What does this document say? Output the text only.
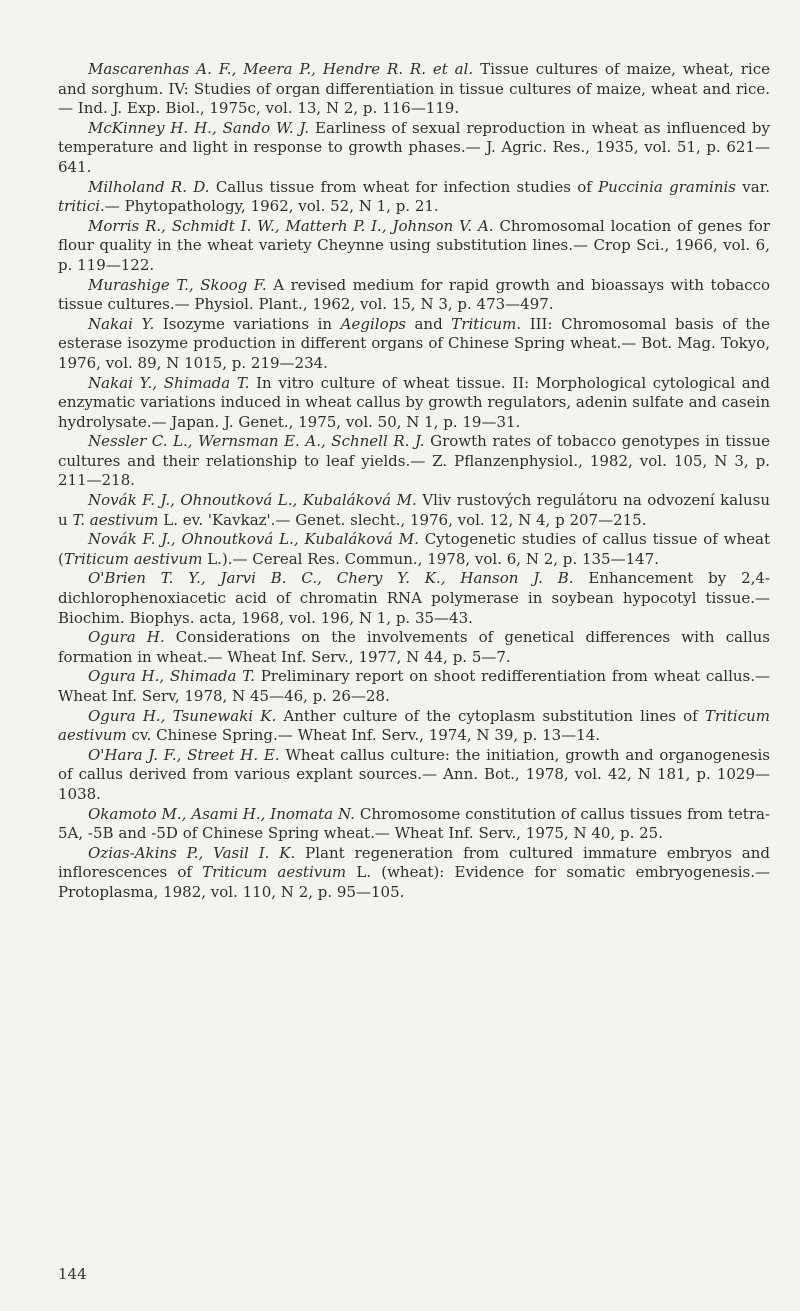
Mascarenhas A. F., Meera P., Hendre R. R. et al. Tissue cultures of maize, wheat, rice and sorghum. IV: Studies of organ differentiation in tissue cultures of maize, wheat and rice.— Ind. J. Exp. Biol., 1975c, vol. 13, N 2, p. 116—119.

McKinney H. H., Sando W. J. Earliness of sexual reproduction in wheat as influenced by temperature and light in response to growth phases.— J. Agric. Res., 1935, vol. 51, p. 621—641.

Milholand R. D. Callus tissue from wheat for infection studies of Puccinia graminis var. tritici.— Phytopathology, 1962, vol. 52, N 1, p. 21.

Morris R., Schmidt I. W., Matterh P. I., Johnson V. A. Chromosomal location of genes for flour quality in the wheat variety Cheynne using substitution lines.— Crop Sci., 1966, vol. 6, p. 119—122.

Murashige T., Skoog F. A revised medium for rapid growth and bioassays with tobacco tissue cultures.— Physiol. Plant., 1962, vol. 15, N 3, p. 473—497.

Nakai Y. Isozyme variations in Aegilops and Triticum. III: Chromosomal basis of the esterase isozyme production in different organs of Chinese Spring wheat.— Bot. Mag. Tokyo, 1976, vol. 89, N 1015, p. 219—234.

Nakai Y., Shimada T. In vitro culture of wheat tissue. II: Morphological cytological and enzymatic variations induced in wheat callus by growth regulators, adenin sulfate and casein hydrolysate.— Japan. J. Genet., 1975, vol. 50, N 1, p. 19—31.

Nessler C. L., Wernsman E. A., Schnell R. J. Growth rates of tobacco genotypes in tissue cultures and their relationship to leaf yields.— Z. Pflanzenphysiol., 1982, vol. 105, N 3, p. 211—218.

Novák F. J., Ohnoutková L., Kubaláková M. Vliv rustových regulátoru na odvození kalusu u T. aestivum L. ev. 'Kavkaz'.— Genet. slecht., 1976, vol. 12, N 4, p 207—215.

Novák F. J., Ohnoutková L., Kubaláková M. Cytogenetic studies of callus tissue of wheat (Triticum aestivum L.).— Cereal Res. Commun., 1978, vol. 6, N 2, p. 135—147.

O'Brien T. Y., Jarvi B. C., Chery Y. K., Hanson J. B. Enhancement by 2,4-dichlorophenoxiacetic acid of chromatin RNA polymerase in soybean hypocotyl tissue.— Biochim. Biophys. acta, 1968, vol. 196, N 1, p. 35—43.

Ogura H. Considerations on the involvements of genetical differences with callus formation in wheat.— Wheat Inf. Serv., 1977, N 44, p. 5—7.

Ogura H., Shimada T. Preliminary report on shoot redifferentiation from wheat callus.— Wheat Inf. Serv, 1978, N 45—46, p. 26—28.

Ogura H., Tsunewaki K. Anther culture of the cytoplasm substitution lines of Triticum aestivum cv. Chinese Spring.— Wheat Inf. Serv., 1974, N 39, p. 13—14.

O'Hara J. F., Street H. E. Wheat callus culture: the initiation, growth and organogenesis of callus derived from various explant sources.— Ann. Bot., 1978, vol. 42, N 181, p. 1029—1038.

Okamoto M., Asami H., Inomata N. Chromosome constitution of callus tissues from tetra-5A, -5B and -5D of Chinese Spring wheat.— Wheat Inf. Serv., 1975, N 40, p. 25.

Ozias-Akins P., Vasil I. K. Plant regeneration from cultured immature embryos and inflorescences of Triticum aestivum L. (wheat): Evidence for somatic embryogenesis.— Protoplasma, 1982, vol. 110, N 2, p. 95—105.

144
